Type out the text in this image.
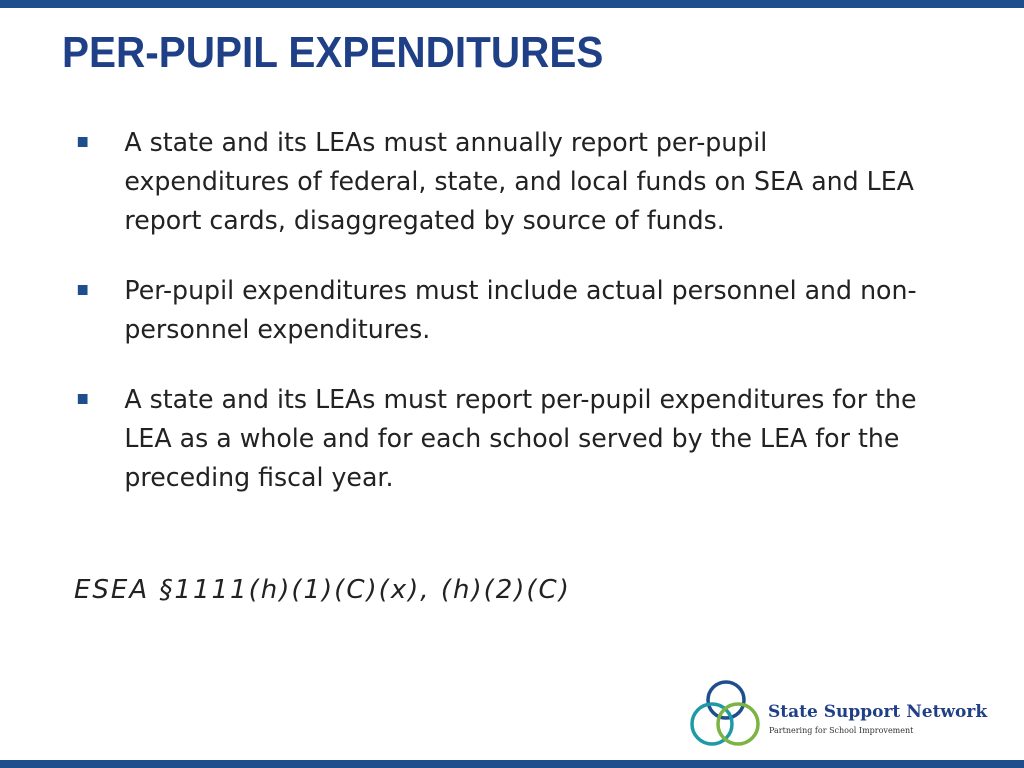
PER-PUPIL EXPENDITURES
A state and its LEAs must annually report per-pupil expenditures of federal, state, and local funds on SEA and LEA report cards, disaggregated by source of funds.
Per-pupil expenditures must include actual personnel and non-personnel expenditures.
A state and its LEAs must report per-pupil expenditures for the LEA as a whole and for each school served by the LEA for the preceding fiscal year.

ESEA §1111(h)(1)(C)(x), (h)(2)(C)

State Support Network
Partnering for School Improvement
